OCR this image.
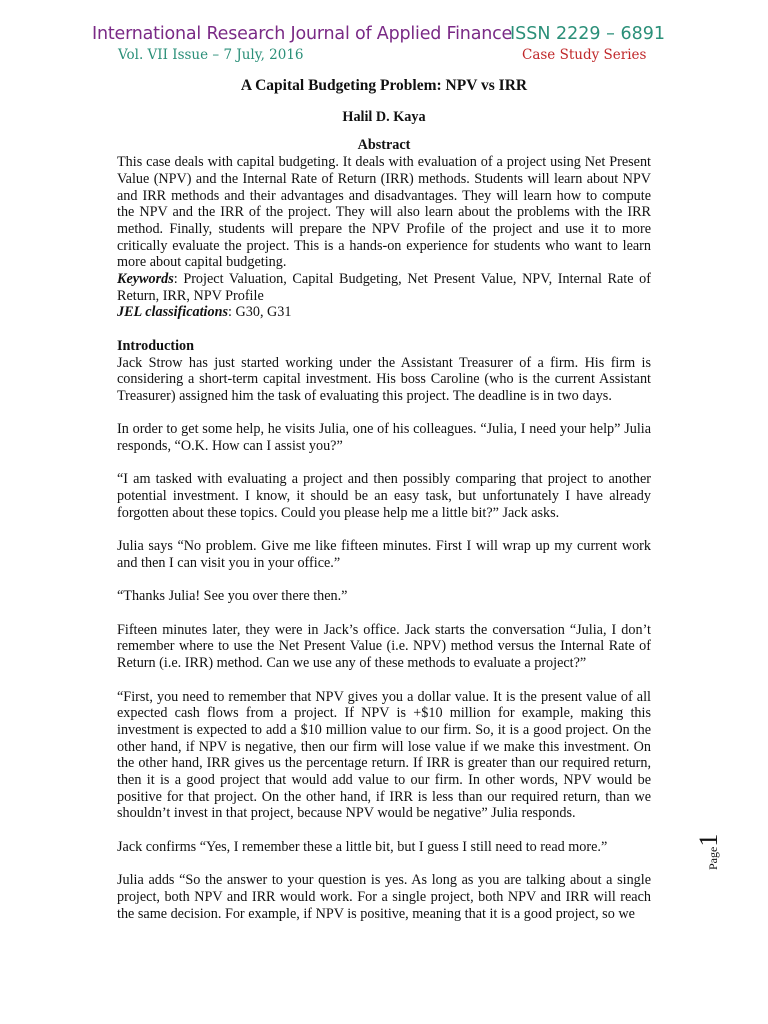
International Research Journal of Applied Finance
ISSN 2229 – 6891
Vol. VII Issue – 7 July, 2016	Case Study Series
A Capital Budgeting Problem: NPV vs IRR
Halil D. Kaya
Abstract

This case deals with capital budgeting. It deals with evaluation of a project using Net Present Value (NPV) and the Internal Rate of Return (IRR) methods. Students will learn about NPV and IRR methods and their advantages and disadvantages. They will learn how to compute the NPV and the IRR of the project. They will also learn about the problems with the IRR method. Finally, students will prepare the NPV Profile of the project and use it to more critically evaluate the project. This is a hands-on experience for students who want to learn more about capital budgeting.

Keywords: Project Valuation, Capital Budgeting, Net Present Value, NPV, Internal Rate of Return, IRR, NPV Profile

JEL classifications: G30, G31

Introduction

Jack Strow has just started working under the Assistant Treasurer of a firm. His firm is considering a short-term capital investment. His boss Caroline (who is the current Assistant Treasurer) assigned him the task of evaluating this project. The deadline is in two days.

In order to get some help, he visits Julia, one of his colleagues. “Julia, I need your help” Julia responds, “O.K. How can I assist you?”

“I am tasked with evaluating a project and then possibly comparing that project to another potential investment. I know, it should be an easy task, but unfortunately I have already forgotten about these topics. Could you please help me a little bit?” Jack asks.

Julia says “No problem. Give me like fifteen minutes. First I will wrap up my current work and then I can visit you in your office.”

“Thanks Julia! See you over there then.”

Fifteen minutes later, they were in Jack’s office. Jack starts the conversation “Julia, I don’t remember where to use the Net Present Value (i.e. NPV) method versus the Internal Rate of Return (i.e. IRR) method. Can we use any of these methods to evaluate a project?”

“First, you need to remember that NPV gives you a dollar value. It is the present value of all expected cash flows from a project. If NPV is +$10 million for example, making this investment is expected to add a $10 million value to our firm. So, it is a good project. On the other hand, if NPV is negative, then our firm will lose value if we make this investment. On the other hand, IRR gives us the percentage return. If IRR is greater than our required return, then it is a good project that would add value to our firm. In other words, NPV would be positive for that project. On the other hand, if IRR is less than our required return, than we shouldn’t invest in that project, because NPV would be negative” Julia responds.

Jack confirms “Yes, I remember these a little bit, but I guess I still need to read more.”

Julia adds “So the answer to your question is yes. As long as you are talking about a single project, both NPV and IRR would work. For a single project, both NPV and IRR will reach the same decision. For example, if NPV is positive, meaning that it is a good project, so we

Page1
